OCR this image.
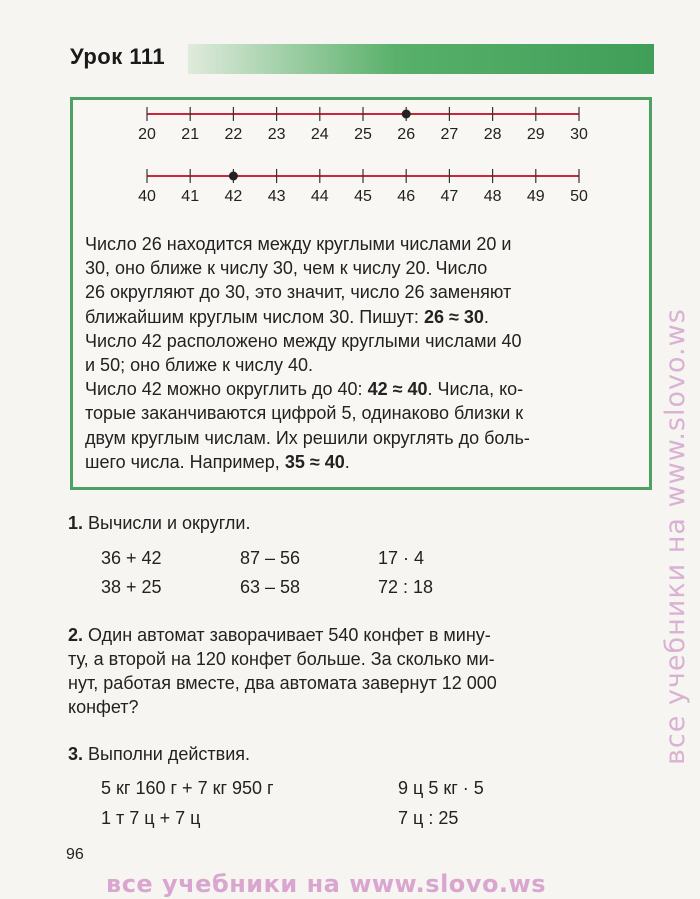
Урок 111
20 21 22 23 24 25 26 27 28 29 30
40 41 42 43 44 45 46 47 48 49 50

Число 26 находится между круглыми числами 20 и

30, оно ближе к числу 30, чем к числу 20. Число

26 округляют до 30, это значит, число 26 заменяют

ближайшим круглым числом 30. Пишут: 26 ≈ 30.

Число 42 расположено между круглыми числами 40

и 50; оно ближе к числу 40.

Число 42 можно округлить до 40: 42 ≈ 40. Числа, ко-

торые заканчиваются цифрой 5, одинаково близки к

двум круглым числам. Их решили округлять до боль-

шего числа. Например, 35 ≈ 40.

1. Вычисли и округли.
36 + 42	87 – 56	17 · 4
38 + 25	63 – 58	72 : 18
2. Один автомат заворачивает 540 конфет в мину-
ту, а второй на 120 конфет больше. За сколько ми-
нут, работая вместе, два автомата завернут 12 000
конфет?
3. Выполни действия.
5 кг 160 г + 7 кг 950 г	9 ц 5 кг · 5
1 т 7 ц + 7 ц	7 ц : 25
96
все учебники на www.slovo.ws
все учебники на www.slovo.ws
